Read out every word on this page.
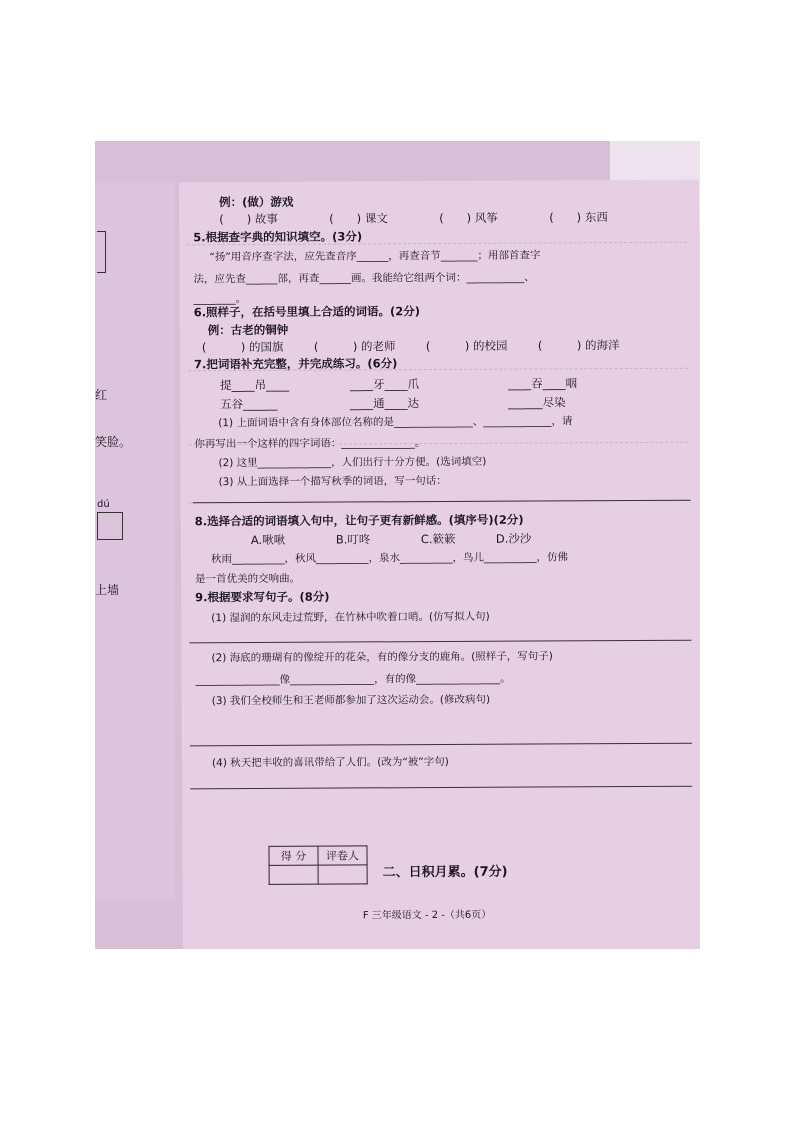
红
笑脸。
dú
上墙
例：(做）游戏
(　　) 故事	(　　) 课文	(　　) 风筝	(　　) 东西
5.根据查字典的知识填空。(3分)
“扬”用音序查字法，应先查音序______，再查音节_______；用部首查字
法，应先查______部，再查______画。我能给它组两个词：___________、
________。
6.照样子，在括号里填上合适的词语。(2分)
例：古老的铜钟
(　　　) 的国旗	(　　　) 的老师	(　　　) 的校园	(　　　) 的海洋
7.把词语补充完整，并完成练习。(6分)
提____吊____	____牙____爪	____吞____咽
五谷______	____通____达	______尽染
(1) 上面词语中含有身体部位名称的是_______________、_____________，请
你再写出一个这样的四字词语：______________。
(2) 这里______________，人们出行十分方便。(选词填空)
(3) 从上面选择一个描写秋季的词语，写一句话：
8.选择合适的词语填入句中，让句子更有新鲜感。(填序号)(2分)
A.啾啾	B.叮咚	C.簌簌	D.沙沙
秋雨__________，秋风__________，泉水__________，鸟儿__________，仿佛
是一首优美的交响曲。
9.根据要求写句子。(8分)
(1) 湿润的东风走过荒野，在竹林中吹着口哨。(仿写拟人句)
(2) 海底的珊瑚有的像绽开的花朵，有的像分支的鹿角。(照样子，写句子)
________________像________________，有的像________________。
(3) 我们全校师生和王老师都参加了这次运动会。(修改病句)
(4) 秋天把丰收的喜讯带给了人们。(改为“被”字句)
得 分	评卷人

二、日积月累。(7分)
F 三年级语文 - 2 -（共6页）
